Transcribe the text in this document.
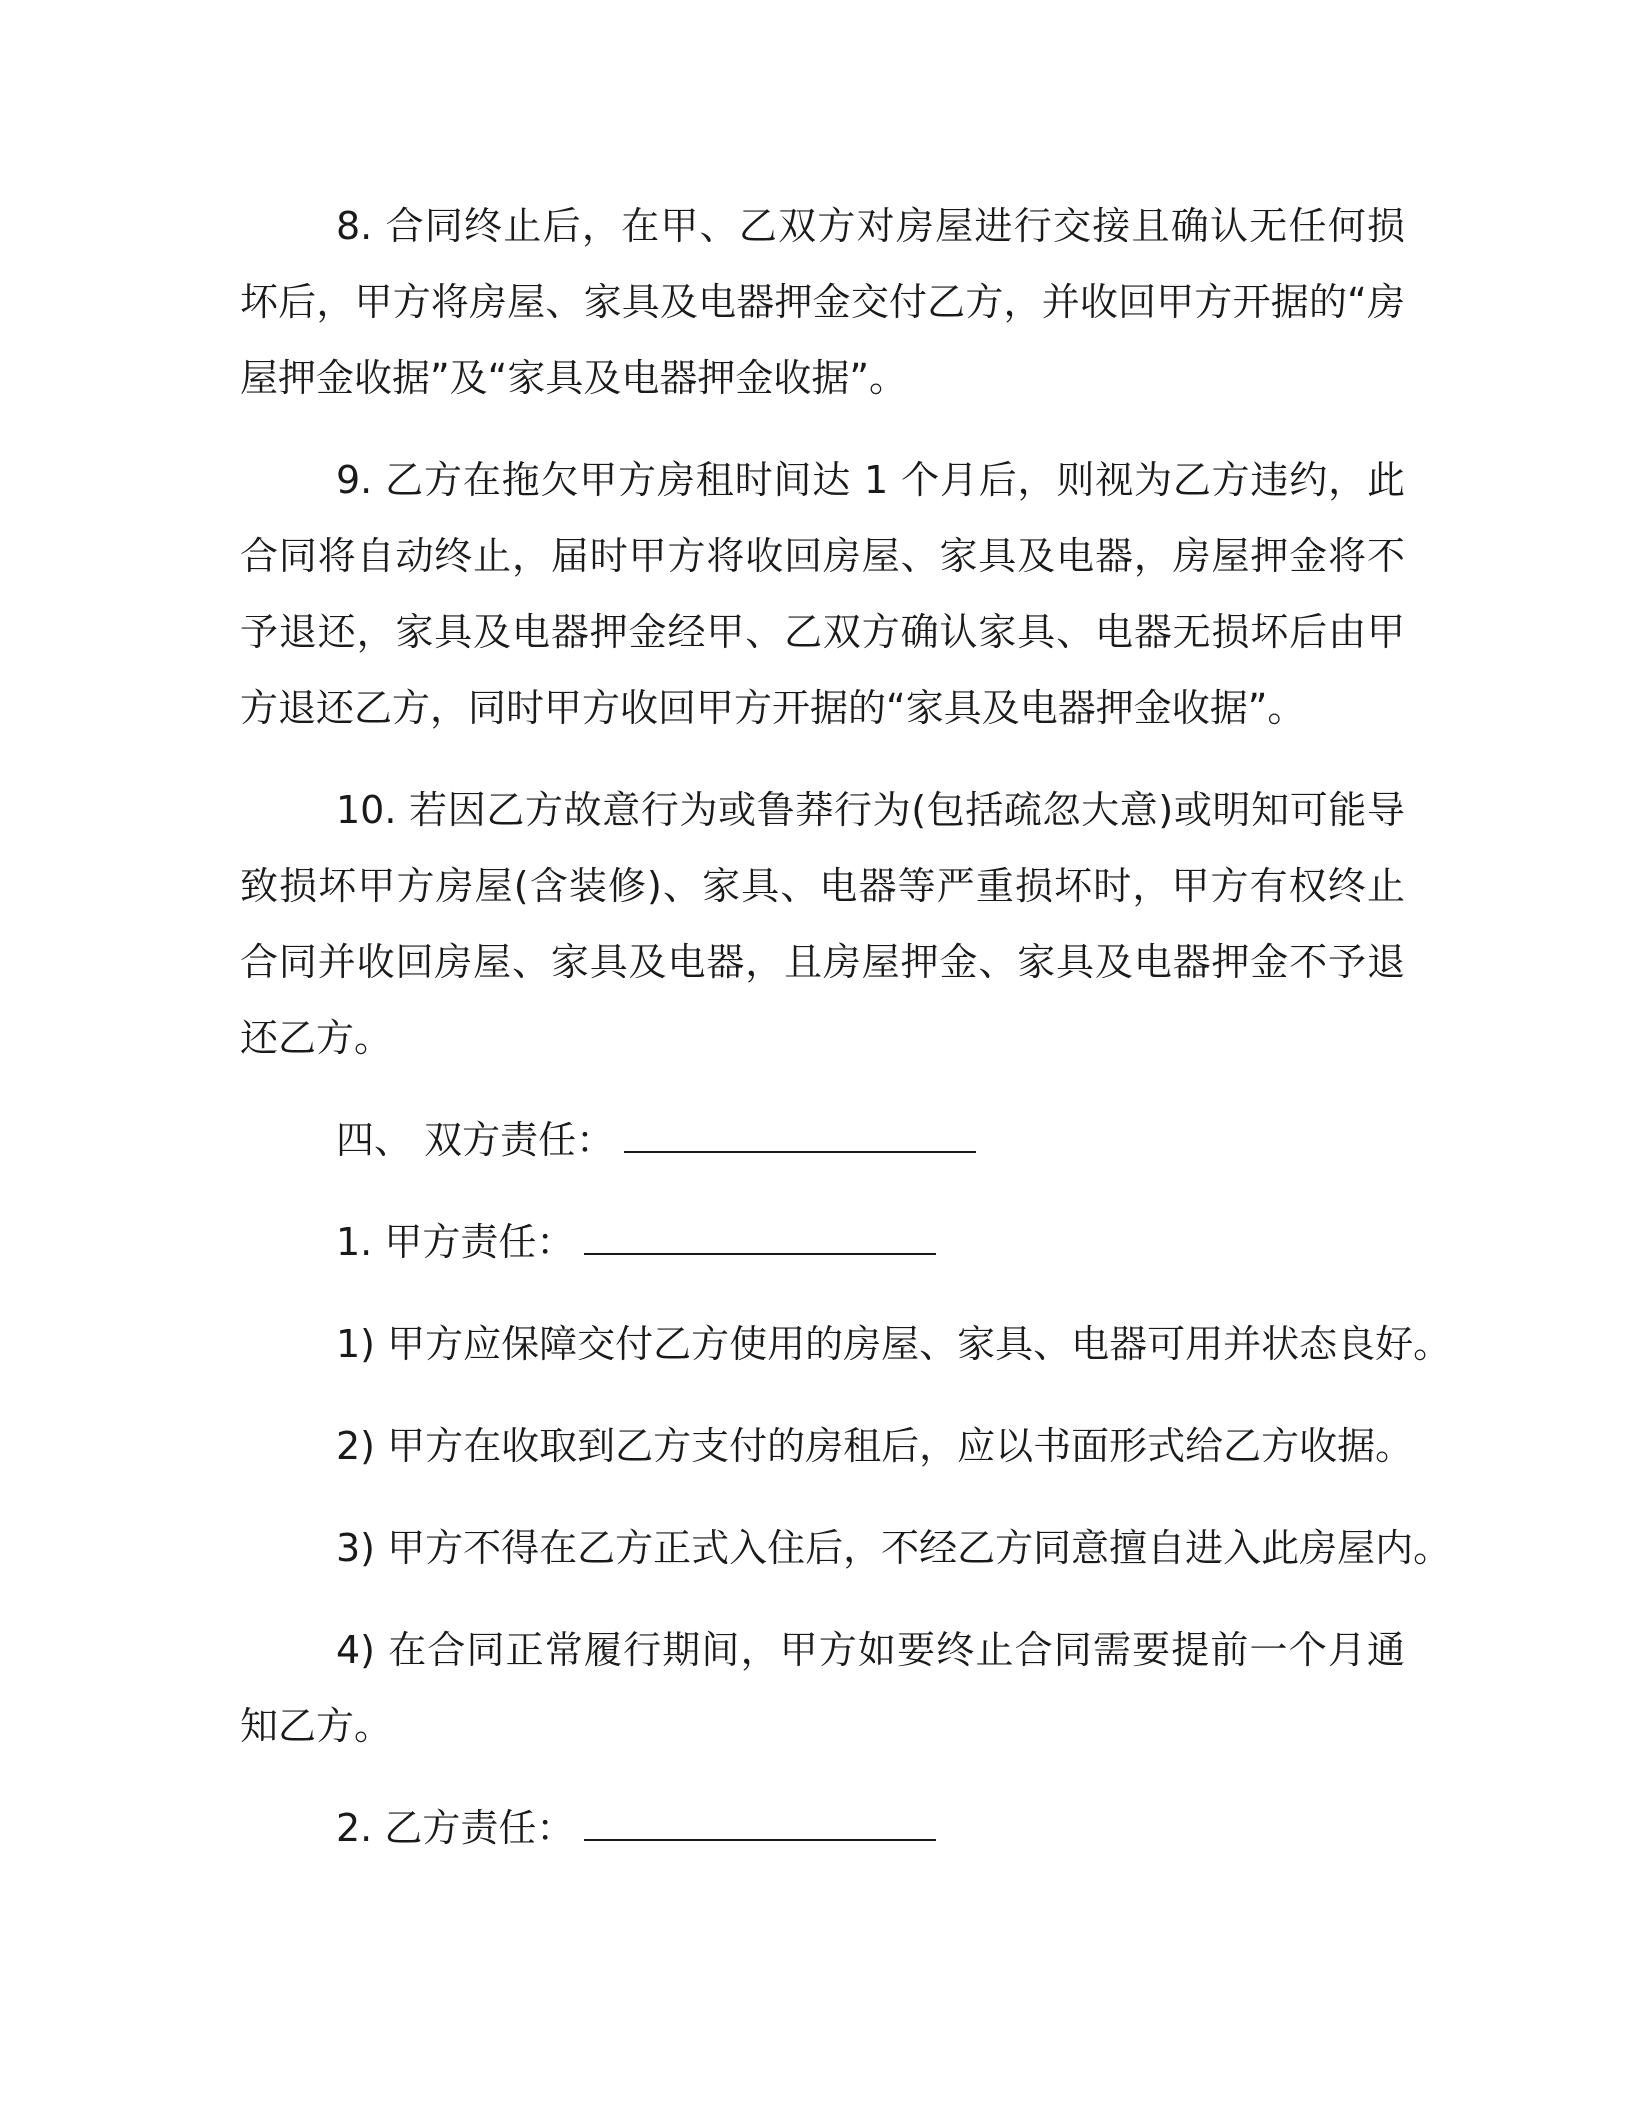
8. 合同终止后，在甲、乙双方对房屋进行交接且确认无任何损坏后，甲方将房屋、家具及电器押金交付乙方，并收回甲方开据的“房屋押金收据”及“家具及电器押金收据”。

9. 乙方在拖欠甲方房租时间达 1 个月后，则视为乙方违约，此合同将自动终止，届时甲方将收回房屋、家具及电器，房屋押金将不予退还，家具及电器押金经甲、乙双方确认家具、电器无损坏后由甲方退还乙方，同时甲方收回甲方开据的“家具及电器押金收据”。

10. 若因乙方故意行为或鲁莽行为(包括疏忽大意)或明知可能导致损坏甲方房屋(含装修)、家具、电器等严重损坏时，甲方有权终止合同并收回房屋、家具及电器，且房屋押金、家具及电器押金不予退还乙方。

四、 双方责任：

1. 甲方责任：

1) 甲方应保障交付乙方使用的房屋、家具、电器可用并状态良好。

2) 甲方在收取到乙方支付的房租后，应以书面形式给乙方收据。

3) 甲方不得在乙方正式入住后，不经乙方同意擅自进入此房屋内。

4) 在合同正常履行期间，甲方如要终止合同需要提前一个月通知乙方。

2. 乙方责任：
